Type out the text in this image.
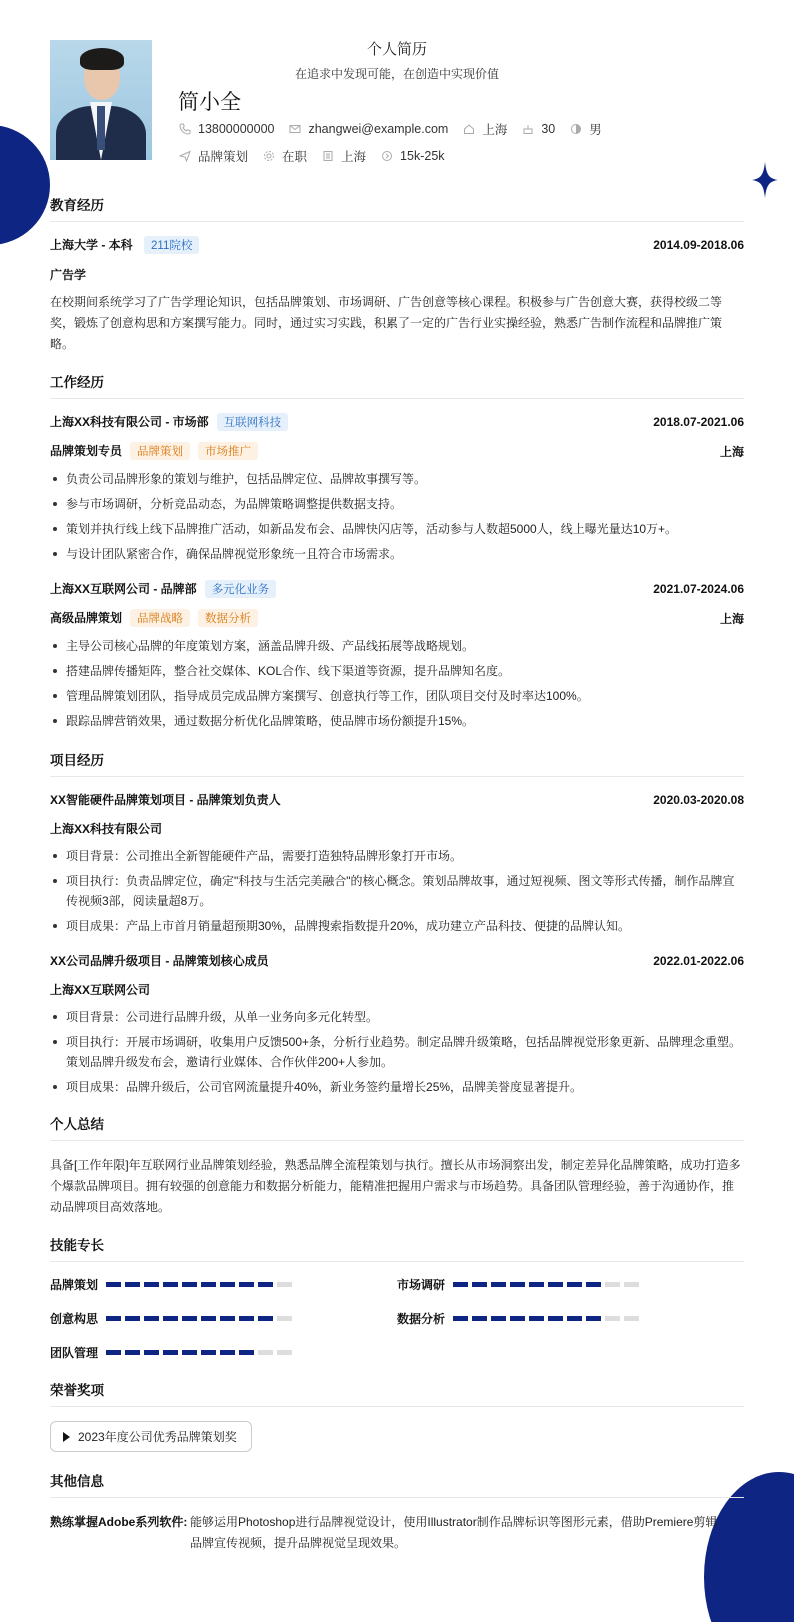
个人简历
在追求中发现可能，在创造中实现价值
简小全
13800000000	zhangwei@example.com	上海	30	男
品牌策划	在职	上海	15k-25k
教育经历
上海大学 - 本科 211院校	2014.09-2018.06
广告学
在校期间系统学习了广告学理论知识，包括品牌策划、市场调研、广告创意等核心课程。积极参与广告创意大赛，获得校级二等奖，锻炼了创意构思和方案撰写能力。同时，通过实习实践，积累了一定的广告行业实操经验，熟悉广告制作流程和品牌推广策略。
工作经历
上海XX科技有限公司 - 市场部 互联网科技	2018.07-2021.06
品牌策划专员 品牌策划 市场推广	上海
负责公司品牌形象的策划与维护，包括品牌定位、品牌故事撰写等。
参与市场调研，分析竞品动态，为品牌策略调整提供数据支持。
策划并执行线上线下品牌推广活动，如新品发布会、品牌快闪店等，活动参与人数超5000人，线上曝光量达10万+。
与设计团队紧密合作，确保品牌视觉形象统一且符合市场需求。
上海XX互联网公司 - 品牌部 多元化业务	2021.07-2024.06
高级品牌策划 品牌战略 数据分析	上海
主导公司核心品牌的年度策划方案，涵盖品牌升级、产品线拓展等战略规划。
搭建品牌传播矩阵，整合社交媒体、KOL合作、线下渠道等资源，提升品牌知名度。
管理品牌策划团队，指导成员完成品牌方案撰写、创意执行等工作，团队项目交付及时率达100%。
跟踪品牌营销效果，通过数据分析优化品牌策略，使品牌市场份额提升15%。
项目经历
XX智能硬件品牌策划项目 - 品牌策划负责人	2020.03-2020.08
上海XX科技有限公司
项目背景：公司推出全新智能硬件产品，需要打造独特品牌形象打开市场。
项目执行：负责品牌定位，确定"科技与生活完美融合"的核心概念。策划品牌故事，通过短视频、图文等形式传播，制作品牌宣传视频3部，阅读量超8万。
项目成果：产品上市首月销量超预期30%，品牌搜索指数提升20%，成功建立产品科技、便捷的品牌认知。
XX公司品牌升级项目 - 品牌策划核心成员	2022.01-2022.06
上海XX互联网公司
项目背景：公司进行品牌升级，从单一业务向多元化转型。
项目执行：开展市场调研，收集用户反馈500+条，分析行业趋势。制定品牌升级策略，包括品牌视觉形象更新、品牌理念重塑。策划品牌升级发布会，邀请行业媒体、合作伙伴200+人参加。
项目成果：品牌升级后，公司官网流量提升40%，新业务签约量增长25%，品牌美誉度显著提升。
个人总结
具备[工作年限]年互联网行业品牌策划经验，熟悉品牌全流程策划与执行。擅长从市场洞察出发，制定差异化品牌策略，成功打造多个爆款品牌项目。拥有较强的创意能力和数据分析能力，能精准把握用户需求与市场趋势。具备团队管理经验，善于沟通协作，推动品牌项目高效落地。
技能专长
品牌策划	市场调研
创意构思	数据分析
团队管理
荣誉奖项
2023年度公司优秀品牌策划奖
其他信息
熟练掌握Adobe系列软件: 能够运用Photoshop进行品牌视觉设计，使用Illustrator制作品牌标识等图形元素，借助Premiere剪辑
品牌宣传视频，提升品牌视觉呈现效果。
